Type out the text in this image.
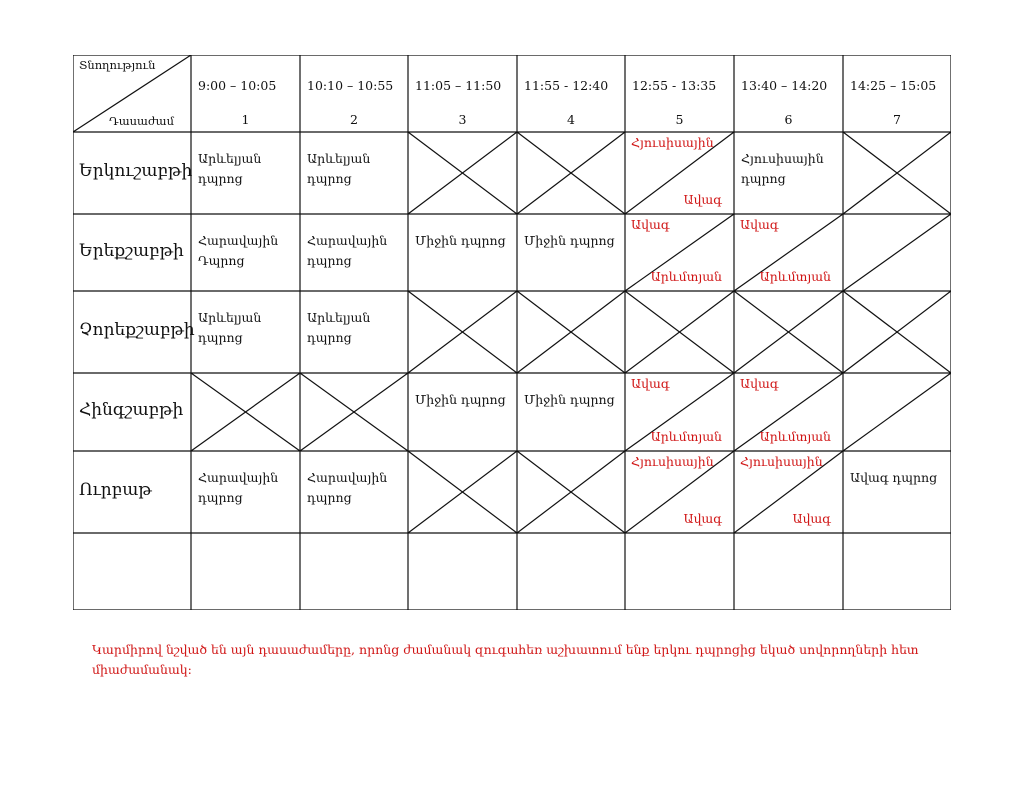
Տնողություն
Դասաժամ
9:00 – 10:05
1
10:10 – 10:55
2
11:05 – 11:50
3
11:55 - 12:40
4
12:55 - 13:35
5
13:40 – 14:20
6
14:25 – 15:05
7
Երկուշաբթի
Արևելյան
դպրոց
Արևելյան
դպրոց
Հյուսիսային
Ավագ
Հյուսիսային
դպրոց
Երեքշաբթի Հարավային
Դպրոց
Հարավային
դպրոց
Միջին դպրոց Միջին դպրոց
Ավագ
Արևմտյան
Ավագ
Արևմտյան
Չորեքշաբթի
Արևելյան
դպրոց
Արևելյան
դպրոց
Հինգշաբթի
Միջին դպրոց Միջին դպրոց
Ավագ
Արևմտյան
Ավագ
Արևմտյան
Ուրբաթ
Հարավային
դպրոց
Հարավային
դպրոց
Հյուսիսային
Ավագ
Հյուսիսային
Ավագ
Ավագ դպրոց
Կարմիրով նշված են այն դասաժամերը, որոնց ժամանակ զուգահեռ աշխատում ենք երկու դպրոցից եկած սովորողների հետ միաժամանակ:
